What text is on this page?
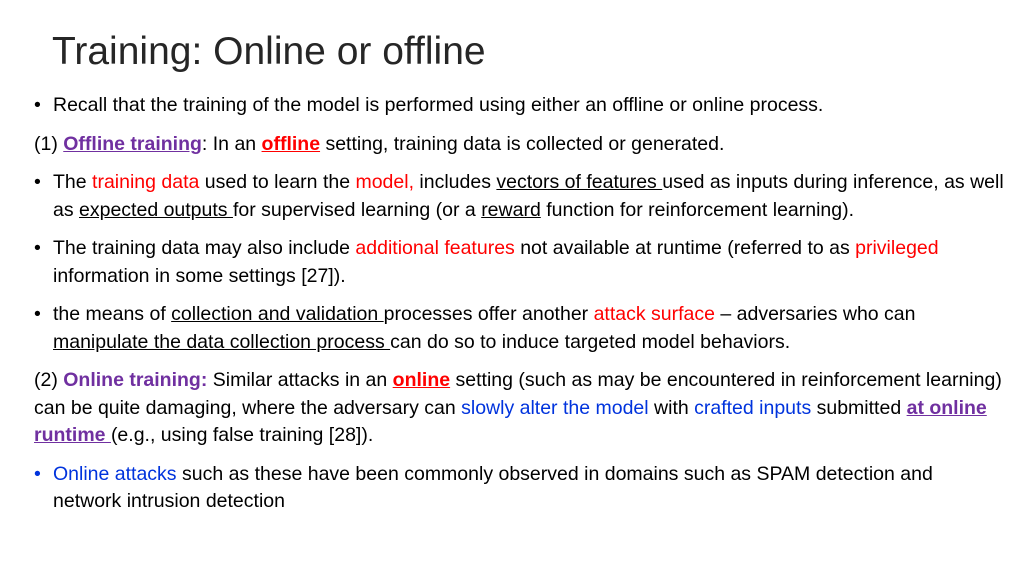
Training: Online or offline
• Recall that the training of the model is performed using either an offline or online process.
(1) Offline training: In an offline setting, training data is collected or generated.
• The training data used to learn the model, includes vectors of features used as inputs during inference, as well as expected outputs for supervised learning (or a reward function for reinforcement learning).
• The training data may also include additional features not available at runtime (referred to as privileged information in some settings [27]).
• the means of collection and validation processes offer another attack surface – adversaries who can manipulate the data collection process can do so to induce targeted model behaviors.
(2) Online training: Similar attacks in an online setting (such as may be encountered in reinforcement learning) can be quite damaging, where the adversary can slowly alter the model with crafted inputs submitted at online runtime (e.g., using false training [28]).
• Online attacks such as these have been commonly observed in domains such as SPAM detection and network intrusion detection
